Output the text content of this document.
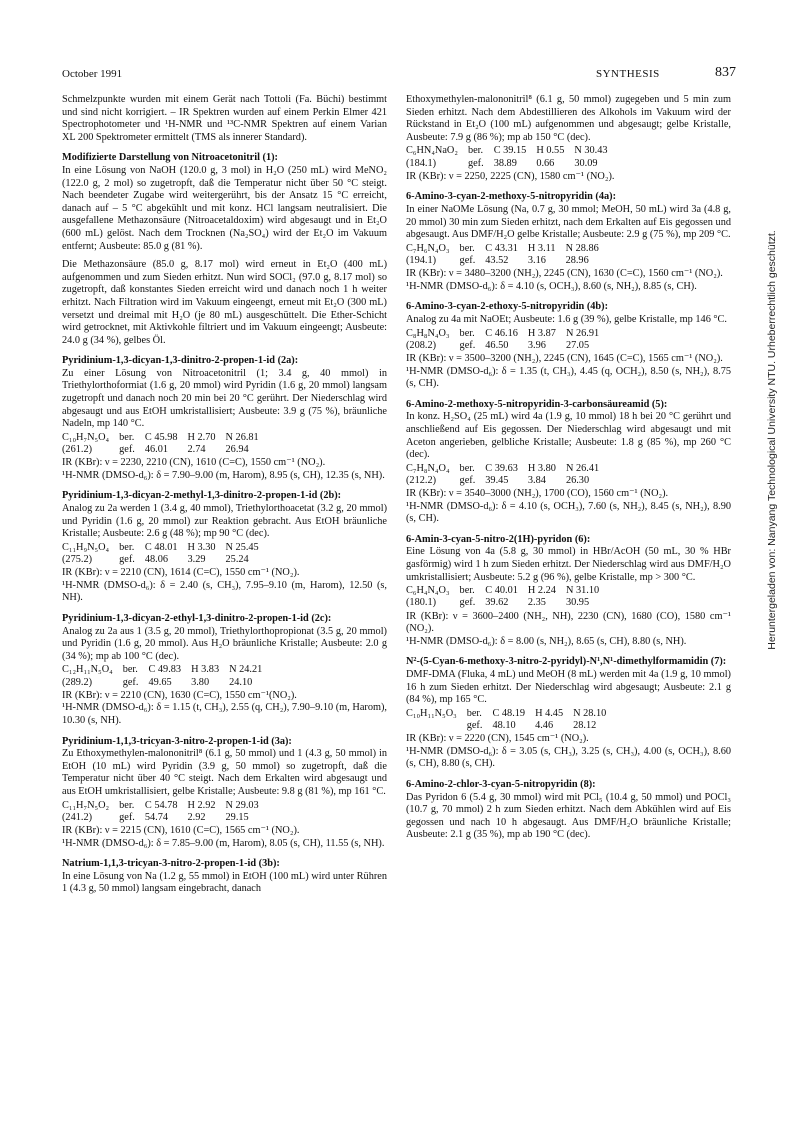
October 1991	SYNTHESIS	837

Schmelzpunkte wurden mit einem Gerät nach Tottoli (Fa. Büchi) bestimmt und sind nicht korrigiert. – IR Spektren wurden auf einem Perkin Elmer 421 Spectrophotometer und ¹H-NMR und ¹³C-NMR Spektren auf einem Varian XL 200 Spektrometer ermittelt (TMS als innerer Standard).

Modifizierte Darstellung von Nitroacetonitril (1):

In eine Lösung von NaOH (120.0 g, 3 mol) in H₂O (250 mL) wird MeNO₂ (122.0 g, 2 mol) so zugetropft, daß die Temperatur nicht über 50 °C steigt. Nach beendeter Zugabe wird weitergerührt, bis der Ansatz 15 °C erreicht, danach auf – 5 °C abgekühlt und mit konz. HCl langsam neutralisiert. Die ausgefallene Methazonsäure (Nitroacetaldoxim) wird abgesaugt und in Et₂O (600 mL) gelöst. Nach dem Trocknen (Na₂SO₄) wird der Et₂O im Vakuum entfernt; Ausbeute: 85.0 g (81 %).

Die Methazonsäure (85.0 g, 8.17 mol) wird erneut in Et₂O (400 mL) aufgenommen und zum Sieden erhitzt. Nun wird SOCl₂ (97.0 g, 8.17 mol) so zugetropft, daß konstantes Sieden erreicht wird und danach noch 1 h weiter erhitzt. Nach Filtration wird im Vakuum eingeengt, erneut mit Et₂O (300 mL) versetzt und dreimal mit H₂O (je 80 mL) ausgeschüttelt. Die Ether-Schicht wird getrocknet, mit Aktivkohle filtriert und im Vakuum eingeengt; Ausbeute: 24.0 g (34 %), gelbes Öl.

Pyridinium-1,3-dicyan-1,3-dinitro-2-propen-1-id (2a):

Zu einer Lösung von Nitroacetonitril (1; 3.4 g, 40 mmol) in Triethylorthoformiat (1.6 g, 20 mmol) wird Pyridin (1.6 g, 20 mmol) langsam zugetropft und danach noch 20 min bei 20 °C gerührt. Der Niederschlag wird abgesaugt und aus EtOH umkristallisiert; Ausbeute: 3.9 g (75 %), bräunliche Nadeln, mp 140 °C.

C₁₀H₇N₅O₄	ber.	C 45.98	H 2.70	N 26.81
(261.2)	gef.	46.01	2.74	26.94

IR (KBr): ν = 2230, 2210 (CN), 1610 (C=C), 1550 cm⁻¹ (NO₂).

¹H-NMR (DMSO-d₆): δ = 7.90–9.00 (m, Harom), 8.95 (s, CH), 12.35 (s, NH).

Pyridinium-1,3-dicyan-2-methyl-1,3-dinitro-2-propen-1-id (2b):

Analog zu 2a werden 1 (3.4 g, 40 mmol), Triethylorthoacetat (3.2 g, 20 mmol) und Pyridin (1.6 g, 20 mmol) zur Reaktion gebracht. Aus EtOH bräunliche Kristalle; Ausbeute: 2.6 g (48 %); mp 90 °C (dec).

C₁₁H₉N₅O₄	ber.	C 48.01	H 3.30	N 25.45
(275.2)	gef.	48.06	3.29	25.24

IR (KBr): ν = 2210 (CN), 1614 (C=C), 1550 cm⁻¹ (NO₂).

¹H-NMR (DMSO-d₆): δ = 2.40 (s, CH₃), 7.95–9.10 (m, Harom), 12.50 (s, NH).

Pyridinium-1,3-dicyan-2-ethyl-1,3-dinitro-2-propen-1-id (2c):

Analog zu 2a aus 1 (3.5 g, 20 mmol), Triethylorthopropionat (3.5 g, 20 mmol) und Pyridin (1.6 g, 20 mmol). Aus H₂O bräunliche Kristalle; Ausbeute: 2.0 g (34 %); mp ab 100 °C (dec).

C₁₂H₁₁N₅O₄	ber.	C 49.83	H 3.83	N 24.21
(289.2)	gef.	49.65	3.80	24.10

IR (KBr): ν = 2210 (CN), 1630 (C=C), 1550 cm⁻¹(NO₂).

¹H-NMR (DMSO-d₆): δ = 1.15 (t, CH₃), 2.55 (q, CH₂), 7.90–9.10 (m, Harom), 10.30 (s, NH).

Pyridinium-1,1,3-tricyan-3-nitro-2-propen-1-id (3a):

Zu Ethoxymethylen-malononitril⁸ (6.1 g, 50 mmol) und 1 (4.3 g, 50 mmol) in EtOH (10 mL) wird Pyridin (3.9 g, 50 mmol) so zugetropft, daß die Temperatur nicht über 40 °C steigt. Nach dem Erkalten wird abgesaugt und aus EtOH umkristallisiert, gelbe Kristalle; Ausbeute: 9.8 g (81 %), mp 161 °C.

C₁₁H₇N₅O₂	ber.	C 54.78	H 2.92	N 29.03
(241.2)	gef.	54.74	2.92	29.15

IR (KBr): ν = 2215 (CN), 1610 (C=C), 1565 cm⁻¹ (NO₂).

¹H-NMR (DMSO-d₆): δ = 7.85–9.00 (m, Harom), 8.05 (s, CH), 11.55 (s, NH).

Natrium-1,1,3-tricyan-3-nitro-2-propen-1-id (3b):

In eine Lösung von Na (1.2 g, 55 mmol) in EtOH (100 mL) wird unter Rühren 1 (4.3 g, 50 mmol) langsam eingebracht, danach

Ethoxymethylen-malononitril⁸ (6.1 g, 50 mmol) zugegeben und 5 min zum Sieden erhitzt. Nach dem Abdestillieren des Alkohols im Vakuum wird der Rückstand in Et₂O (100 mL) aufgenommen und abgesaugt; gelbe Kristalle, Ausbeute: 7.9 g (86 %); mp ab 150 °C (dec).

C₆HN₄NaO₂	ber.	C 39.15	H 0.55	N 30.43
(184.1)	gef.	38.89	0.66	30.09

IR (KBr): ν = 2250, 2225 (CN), 1580 cm⁻¹ (NO₂).

6-Amino-3-cyan-2-methoxy-5-nitropyridin (4a):

In einer NaOMe Lösung (Na, 0.7 g, 30 mmol; MeOH, 50 mL) wird 3a (4.8 g, 20 mmol) 30 min zum Sieden erhitzt, nach dem Erkalten auf Eis gegossen und abgesaugt. Aus DMF/H₂O gelbe Kristalle; Ausbeute: 2.9 g (75 %), mp 209 °C.

C₇H₆N₄O₃	ber.	C 43.31	H 3.11	N 28.86
(194.1)	gef.	43.52	3.16	28.96

IR (KBr): ν = 3480–3200 (NH₂), 2245 (CN), 1630 (C=C), 1560 cm⁻¹ (NO₂).

¹H-NMR (DMSO-d₆): δ = 4.10 (s, OCH₃), 8.60 (s, NH₂), 8.85 (s, CH).

6-Amino-3-cyan-2-ethoxy-5-nitropyridin (4b):

Analog zu 4a mit NaOEt; Ausbeute: 1.6 g (39 %), gelbe Kristalle, mp 146 °C.

C₈H₈N₄O₃	ber.	C 46.16	H 3.87	N 26.91
(208.2)	gef.	46.50	3.96	27.05

IR (KBr): ν = 3500–3200 (NH₂), 2245 (CN), 1645 (C=C), 1565 cm⁻¹ (NO₂).

¹H-NMR (DMSO-d₆): δ = 1.35 (t, CH₃), 4.45 (q, OCH₂), 8.50 (s, NH₂), 8.75 (s, CH).

6-Amino-2-methoxy-5-nitropyridin-3-carbonsäureamid (5):

In konz. H₂SO₄ (25 mL) wird 4a (1.9 g, 10 mmol) 18 h bei 20 °C gerührt und anschließend auf Eis gegossen. Der Niederschlag wird abgesaugt und mit Aceton angerieben, gelbliche Kristalle; Ausbeute: 1.8 g (85 %), mp 260 °C (dec).

C₇H₈N₄O₄	ber.	C 39.63	H 3.80	N 26.41
(212.2)	gef.	39.45	3.84	26.30

IR (KBr): ν = 3540–3000 (NH₂), 1700 (CO), 1560 cm⁻¹ (NO₂).

¹H-NMR (DMSO-d₆): δ = 4.10 (s, OCH₃), 7.60 (s, NH₂), 8.45 (s, NH₂), 8.90 (s, CH).

6-Amin-3-cyan-5-nitro-2(1H)-pyridon (6):

Eine Lösung von 4a (5.8 g, 30 mmol) in HBr/AcOH (50 mL, 30 % HBr gasförmig) wird 1 h zum Sieden erhitzt. Der Niederschlag wird aus DMF/H₂O umkristallisiert; Ausbeute: 5.2 g (96 %), gelbe Kristalle, mp > 300 °C.

C₆H₄N₄O₃	ber.	C 40.01	H 2.24	N 31.10
(180.1)	gef.	39.62	2.35	30.95

IR (KBr): ν = 3600–2400 (NH₂, NH), 2230 (CN), 1680 (CO), 1580 cm⁻¹ (NO₂).

¹H-NMR (DMSO-d₆): δ = 8.00 (s, NH₂), 8.65 (s, CH), 8.80 (s, NH).

N²-(5-Cyan-6-methoxy-3-nitro-2-pyridyl)-N¹,N¹-dimethylformamidin (7):

DMF-DMA (Fluka, 4 mL) und MeOH (8 mL) werden mit 4a (1.9 g, 10 mmol) 16 h zum Sieden erhitzt. Der Niederschlag wird abgesaugt; Ausbeute: 2.1 g (84 %), mp 165 °C.

C₁₀H₁₁N₅O₃	ber.	C 48.19	H 4.45	N 28.10
	gef.	48.10	4.46	28.12

IR (KBr): ν = 2220 (CN), 1545 cm⁻¹ (NO₂).

¹H-NMR (DMSO-d₆): δ = 3.05 (s, CH₃), 3.25 (s, CH₃), 4.00 (s, OCH₃), 8.60 (s, CH), 8.80 (s, CH).

6-Amino-2-chlor-3-cyan-5-nitropyridin (8):

Das Pyridon 6 (5.4 g, 30 mmol) wird mit PCl₅ (10.4 g, 50 mmol) und POCl₃ (10.7 g, 70 mmol) 2 h zum Sieden erhitzt. Nach dem Abkühlen wird auf Eis gegossen und nach 10 h abgesaugt. Aus DMF/H₂O bräunliche Kristalle; Ausbeute: 2.1 g (35 %), mp ab 190 °C (dec).

Heruntergeladen von: Nanyang Technological University NTU. Urheberrechtlich geschützt.
